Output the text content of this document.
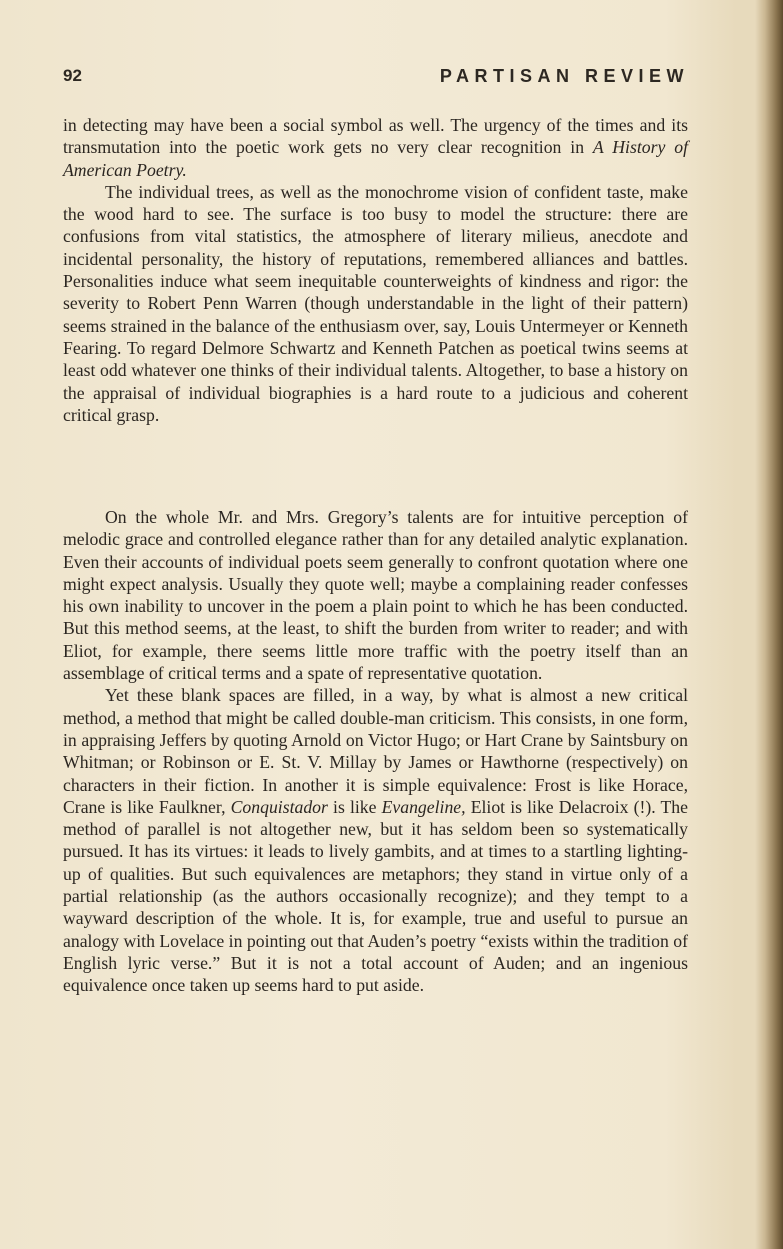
92	PARTISAN REVIEW

in detecting may have been a social symbol as well. The urgency of the times and its transmutation into the poetic work gets no very clear recognition in A History of American Poetry.

The individual trees, as well as the monochrome vision of confident taste, make the wood hard to see. The surface is too busy to model the structure: there are confusions from vital statistics, the atmosphere of literary milieus, anecdote and incidental personality, the history of reputations, remembered alliances and battles. Personalities induce what seem inequitable counterweights of kindness and rigor: the severity to Robert Penn Warren (though understandable in the light of their pattern) seems strained in the balance of the enthusiasm over, say, Louis Untermeyer or Kenneth Fearing. To regard Delmore Schwartz and Kenneth Patchen as poetical twins seems at least odd whatever one thinks of their individual talents. Altogether, to base a history on the appraisal of individual biographies is a hard route to a judicious and coherent critical grasp.

On the whole Mr. and Mrs. Gregory’s talents are for intuitive perception of melodic grace and controlled elegance rather than for any detailed analytic explanation. Even their accounts of individual poets seem generally to confront quotation where one might expect analysis. Usually they quote well; maybe a complaining reader confesses his own inability to uncover in the poem a plain point to which he has been conducted. But this method seems, at the least, to shift the burden from writer to reader; and with Eliot, for example, there seems little more traffic with the poetry itself than an assemblage of critical terms and a spate of representative quotation.

Yet these blank spaces are filled, in a way, by what is almost a new critical method, a method that might be called double-man criticism. This consists, in one form, in appraising Jeffers by quoting Arnold on Victor Hugo; or Hart Crane by Saintsbury on Whitman; or Robinson or E. St. V. Millay by James or Hawthorne (respectively) on characters in their fiction. In another it is simple equivalence: Frost is like Horace, Crane is like Faulkner, Conquistador is like Evangeline, Eliot is like Delacroix (!). The method of parallel is not altogether new, but it has seldom been so systematically pursued. It has its virtues: it leads to lively gambits, and at times to a startling lighting-up of qualities. But such equivalences are metaphors; they stand in virtue only of a partial relationship (as the authors occasionally recognize); and they tempt to a wayward description of the whole. It is, for example, true and useful to pursue an analogy with Lovelace in pointing out that Auden’s poetry “exists within the tradition of English lyric verse.” But it is not a total account of Auden; and an ingenious equivalence once taken up seems hard to put aside.
